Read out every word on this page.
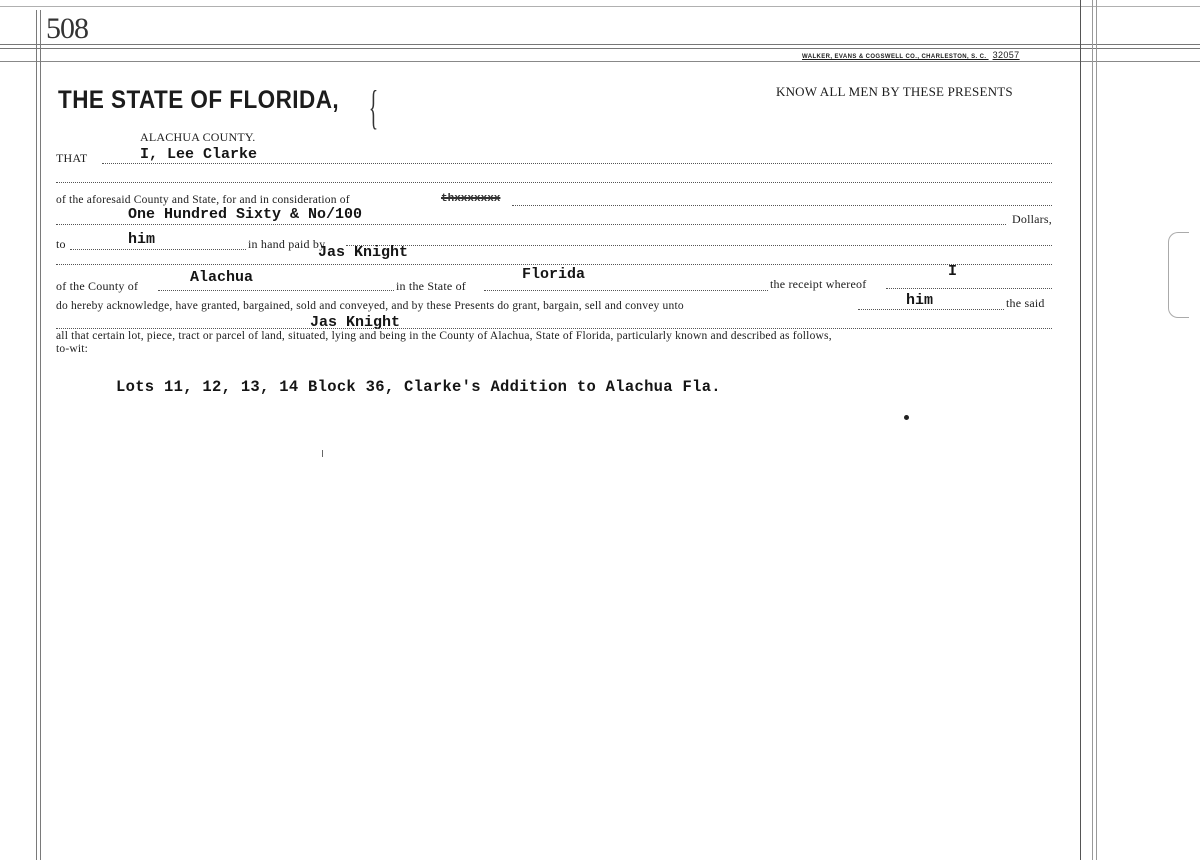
508
WALKER, EVANS & COGSWELL CO., CHARLESTON, S. C. 32057
THE STATE OF FLORIDA, {
ALACHUA COUNTY.
KNOW ALL MEN BY THESE PRESENTS
THAT	I, Lee Clarke
of the aforesaid County and State, for and in consideration of	thxxxxxxx
One Hundred Sixty & No/100	Dollars,
to	him	in hand paid by
Jas Knight
of the County of	Alachua	in the State of
Florida
the receipt whereof
I
do hereby acknowledge, have granted, bargained, sold and conveyed, and by these Presents do grant, bargain, sell and convey unto	him	the said
Jas Knight
all that certain lot, piece, tract or parcel of land, situated, lying and being in the County of Alachua, State of Florida, particularly known and described as follows,
to-wit:
Lots 11, 12, 13, 14 Block 36, Clarke's Addition to Alachua Fla.
